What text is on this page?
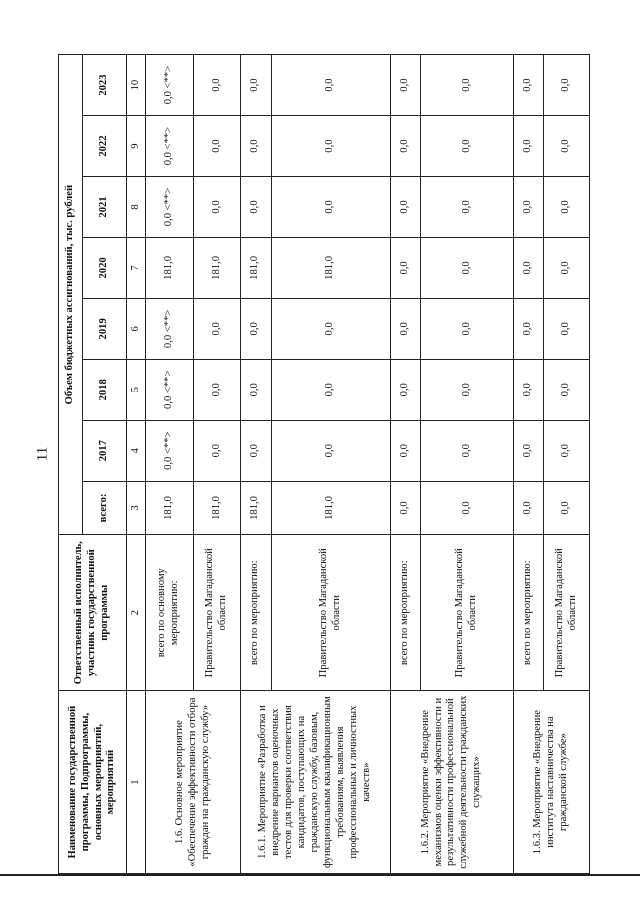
11
Наименование государственной программы, Подпрограммы, основных мероприятий, мероприятий	Ответственный исполнитель, участник государственной программы	Объем бюджетных ассигнований, тыс. рублей							
		всего:	2017	2018	2019	2020	2021	2022	2023
1	2	3	4	5	6	7	8	9	10
1.6. Основное мероприятие «Обеспечение эффективности отбора граждан на гражданскую службу»	всего по основному мероприятию:	181,0	0,0 <**>	0,0 <**>	0,0 <**>	181,0	0,0 <**>	0,0 <**>	0,0 <**>
	Правительство Магаданской области	181,0	0,0	0,0	0,0	181,0	0,0	0,0	0,0
1.6.1. Мероприятие «Разработка и внедрение вариантов оценочных тестов для проверки соответствия кандидатов, поступающих на гражданскую службу, базовым, функциональным квалификационным требованиям, выявления профессиональных и личностных качеств»	всего по мероприятию:	181,0	0,0	0,0	0,0	181,0	0,0	0,0	0,0
	Правительство Магаданской области	181,0	0,0	0,0	0,0	181,0	0,0	0,0	0,0
1.6.2. Мероприятие «Внедрение механизмов оценки эффективности и результативности профессиональной служебной деятельности гражданских служащих»	всего по мероприятию:	0,0	0,0	0,0	0,0	0,0	0,0	0,0	0,0
	Правительство Магаданской области	0,0	0,0	0,0	0,0	0,0	0,0	0,0	0,0
1.6.3. Мероприятие «Внедрение института наставничества на гражданской службе»	всего по мероприятию:	0,0	0,0	0,0	0,0	0,0	0,0	0,0	0,0
	Правительство Магаданской области	0,0	0,0	0,0	0,0	0,0	0,0	0,0	0,0
